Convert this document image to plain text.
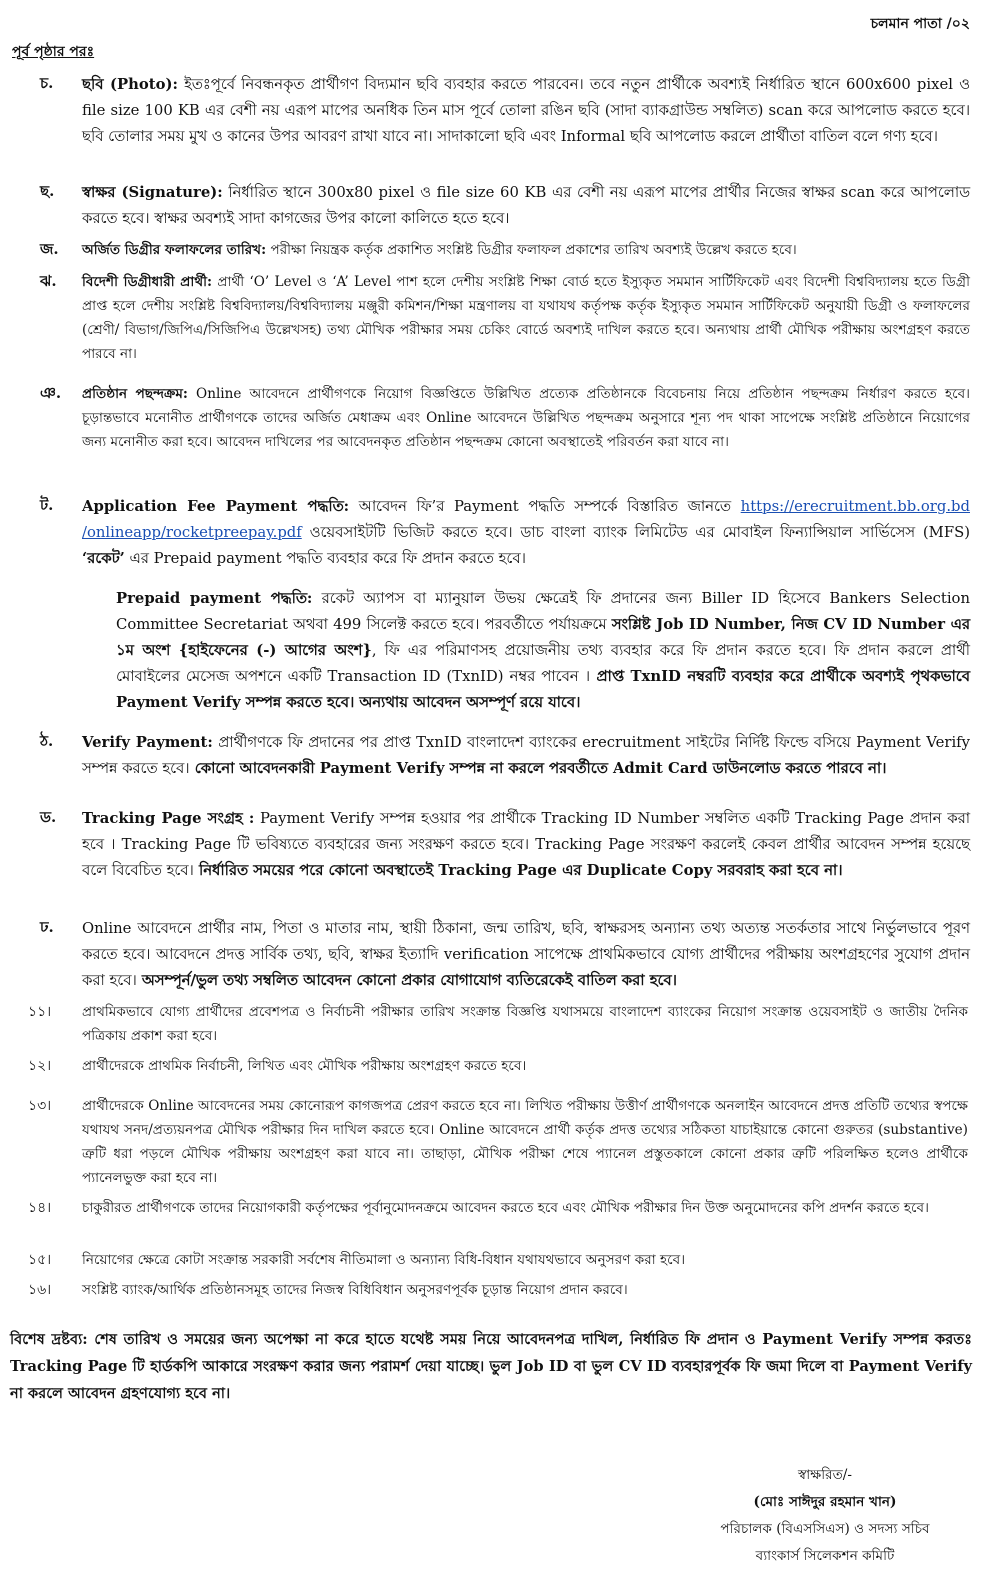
চলমান পাতা /০২
পূর্ব পৃষ্ঠার পরঃ
চ.	ছবি (Photo): ইতঃপূর্বে নিবন্ধনকৃত প্রার্থীগণ বিদ্যমান ছবি ব্যবহার করতে পারবেন। তবে নতুন প্রার্থীকে অবশ্যই নির্ধারিত স্থানে 600x600 pixel ও file size 100 KB এর বেশী নয় এরূপ মাপের অনধিক তিন মাস পূর্বে তোলা রঙিন ছবি (সাদা ব্যাকগ্রাউন্ড সম্বলিত) scan করে আপলোড করতে হবে। ছবি তোলার সময় মুখ ও কানের উপর আবরণ রাখা যাবে না। সাদাকালো ছবি এবং Informal ছবি আপলোড করলে প্রার্থীতা বাতিল বলে গণ্য হবে।
ছ.	স্বাক্ষর (Signature): নির্ধারিত স্থানে 300x80 pixel ও file size 60 KB এর বেশী নয় এরূপ মাপের প্রার্থীর নিজের স্বাক্ষর scan করে আপলোড করতে হবে। স্বাক্ষর অবশ্যই সাদা কাগজের উপর কালো কালিতে হতে হবে।
জ.	অর্জিত ডিগ্রীর ফলাফলের তারিখ: পরীক্ষা নিয়ন্ত্রক কর্তৃক প্রকাশিত সংশ্লিষ্ট ডিগ্রীর ফলাফল প্রকাশের তারিখ অবশ্যই উল্লেখ করতে হবে।
ঝ.	বিদেশী ডিগ্রীধারী প্রার্থী: প্রার্থী ‘O’ Level ও ‘A’ Level পাশ হলে দেশীয় সংশ্লিষ্ট শিক্ষা বোর্ড হতে ইস্যুকৃত সমমান সার্টিফিকেট এবং বিদেশী বিশ্ববিদ্যালয় হতে ডিগ্রী প্রাপ্ত হলে দেশীয় সংশ্লিষ্ট বিশ্ববিদ্যালয়/বিশ্ববিদ্যালয় মঞ্জুরী কমিশন/শিক্ষা মন্ত্রণালয় বা যথাযথ কর্তৃপক্ষ কর্তৃক ইস্যুকৃত সমমান সার্টিফিকেট অনুযায়ী ডিগ্রী ও ফলাফলের (শ্রেণী/ বিভাগ/জিপিএ/সিজিপিএ উল্লেখসহ) তথ্য মৌখিক পরীক্ষার সময় চেকিং বোর্ডে অবশ্যই দাখিল করতে হবে। অন্যথায় প্রার্থী মৌখিক পরীক্ষায় অংশগ্রহণ করতে পারবে না।
ঞ.	প্রতিষ্ঠান পছন্দক্রম: Online আবেদনে প্রার্থীগণকে নিয়োগ বিজ্ঞপ্তিতে উল্লিখিত প্রত্যেক প্রতিষ্ঠানকে বিবেচনায় নিয়ে প্রতিষ্ঠান পছন্দক্রম নির্ধারণ করতে হবে। চূড়ান্তভাবে মনোনীত প্রার্থীগণকে তাদের অর্জিত মেধাক্রম এবং Online আবেদনে উল্লিখিত পছন্দক্রম অনুসারে শূন্য পদ থাকা সাপেক্ষে সংশ্লিষ্ট প্রতিষ্ঠানে নিয়োগের জন্য মনোনীত করা হবে। আবেদন দাখিলের পর আবেদনকৃত প্রতিষ্ঠান পছন্দক্রম কোনো অবস্থাতেই পরিবর্তন করা যাবে না।
ট.	Application Fee Payment পদ্ধতি: আবেদন ফি’র Payment পদ্ধতি সম্পর্কে বিস্তারিত জানতে https://erecruitment.bb.org.bd /onlineapp/rocketpreepay.pdf ওয়েবসাইটটি ভিজিট করতে হবে। ডাচ বাংলা ব্যাংক লিমিটেড এর মোবাইল ফিন্যান্সিয়াল সার্ভিসেস (MFS) ‘রকেট’ এর Prepaid payment পদ্ধতি ব্যবহার করে ফি প্রদান করতে হবে।
Prepaid payment পদ্ধতি: রকেট অ্যাপস বা ম্যানুয়াল উভয় ক্ষেত্রেই ফি প্রদানের জন্য Biller ID হিসেবে Bankers Selection Committee Secretariat অথবা 499 সিলেক্ট করতে হবে। পরবর্তীতে পর্যায়ক্রমে সংশ্লিষ্ট Job ID Number, নিজ CV ID Number এর ১ম অংশ {হাইফেনের (-) আগের অংশ}, ফি এর পরিমাণসহ প্রয়োজনীয় তথ্য ব্যবহার করে ফি প্রদান করতে হবে। ফি প্রদান করলে প্রার্থী মোবাইলের মেসেজ অপশনে একটি Transaction ID (TxnID) নম্বর পাবেন । প্রাপ্ত TxnID নম্বরটি ব্যবহার করে প্রার্থীকে অবশ্যই পৃথকভাবে Payment Verify সম্পন্ন করতে হবে। অন্যথায় আবেদন অসম্পূর্ণ রয়ে যাবে।
ঠ.	Verify Payment: প্রার্থীগণকে ফি প্রদানের পর প্রাপ্ত TxnID বাংলাদেশ ব্যাংকের erecruitment সাইটের নির্দিষ্ট ফিল্ডে বসিয়ে Payment Verify সম্পন্ন করতে হবে। কোনো আবেদনকারী Payment Verify সম্পন্ন না করলে পরবর্তীতে Admit Card ডাউনলোড করতে পারবে না।
ড.	Tracking Page সংগ্রহ : Payment Verify সম্পন্ন হওয়ার পর প্রার্থীকে Tracking ID Number সম্বলিত একটি Tracking Page প্রদান করা হবে । Tracking Page টি ভবিষ্যতে ব্যবহারের জন্য সংরক্ষণ করতে হবে। Tracking Page সংরক্ষণ করলেই কেবল প্রার্থীর আবেদন সম্পন্ন হয়েছে বলে বিবেচিত হবে। নির্ধারিত সময়ের পরে কোনো অবস্থাতেই Tracking Page এর Duplicate Copy সরবরাহ করা হবে না।
ঢ.	Online আবেদনে প্রার্থীর নাম, পিতা ও মাতার নাম, স্থায়ী ঠিকানা, জন্ম তারিখ, ছবি, স্বাক্ষরসহ অন্যান্য তথ্য অত্যন্ত সতর্কতার সাথে নির্ভুলভাবে পূরণ করতে হবে। আবেদনে প্রদত্ত সার্বিক তথ্য, ছবি, স্বাক্ষর ইত্যাদি verification সাপেক্ষে প্রাথমিকভাবে যোগ্য প্রার্থীদের পরীক্ষায় অংশগ্রহণের সুযোগ প্রদান করা হবে। অসম্পূর্ন/ভুল তথ্য সম্বলিত আবেদন কোনো প্রকার যোগাযোগ ব্যতিরেকেই বাতিল করা হবে।
১১।	প্রাথমিকভাবে যোগ্য প্রার্থীদের প্রবেশপত্র ও নির্বাচনী পরীক্ষার তারিখ সংক্রান্ত বিজ্ঞপ্তি যথাসময়ে বাংলাদেশ ব্যাংকের নিয়োগ সংক্রান্ত ওয়েবসাইট ও জাতীয় দৈনিক পত্রিকায় প্রকাশ করা হবে।
১২।	প্রার্থীদেরকে প্রাথমিক নির্বাচনী, লিখিত এবং মৌখিক পরীক্ষায় অংশগ্রহণ করতে হবে।
১৩।	প্রার্থীদেরকে Online আবেদনের সময় কোনোরূপ কাগজপত্র প্রেরণ করতে হবে না। লিখিত পরীক্ষায় উত্তীর্ণ প্রার্থীগণকে অনলাইন আবেদনে প্রদত্ত প্রতিটি তথ্যের স্বপক্ষে যথাযথ সনদ/প্রত্যয়নপত্র মৌখিক পরীক্ষার দিন দাখিল করতে হবে। Online আবেদনে প্রার্থী কর্তৃক প্রদত্ত তথ্যের সঠিকতা যাচাইয়ান্তে কোনো গুরুতর (substantive) ত্রুটি ধরা পড়লে মৌখিক পরীক্ষায় অংশগ্রহণ করা যাবে না। তাছাড়া, মৌখিক পরীক্ষা শেষে প্যানেল প্রস্তুতকালে কোনো প্রকার ত্রুটি পরিলক্ষিত হলেও প্রার্থীকে প্যানেলভুক্ত করা হবে না।
১৪।	চাকুরীরত প্রার্থীগণকে তাদের নিয়োগকারী কর্তৃপক্ষের পূর্বানুমোদনক্রমে আবেদন করতে হবে এবং মৌখিক পরীক্ষার দিন উক্ত অনুমোদনের কপি প্রদর্শন করতে হবে।
১৫।	নিয়োগের ক্ষেত্রে কোটা সংক্রান্ত সরকারী সর্বশেষ নীতিমালা ও অন্যান্য বিধি-বিধান যথাযথভাবে অনুসরণ করা হবে।
১৬।	সংশ্লিষ্ট ব্যাংক/আর্থিক প্রতিষ্ঠানসমূহ তাদের নিজস্ব বিধিবিধান অনুসরণপূর্বক চূড়ান্ত নিয়োগ প্রদান করবে।
বিশেষ দ্রষ্টব্য: শেষ তারিখ ও সময়ের জন্য অপেক্ষা না করে হাতে যথেষ্ট সময় নিয়ে আবেদনপত্র দাখিল, নির্ধারিত ফি প্রদান ও Payment Verify সম্পন্ন করতঃ Tracking Page টি হার্ডকপি আকারে সংরক্ষণ করার জন্য পরামর্শ দেয়া যাচ্ছে। ভুল Job ID বা ভুল CV ID ব্যবহারপূর্বক ফি জমা দিলে বা Payment Verify না করলে আবেদন গ্রহণযোগ্য হবে না।
স্বাক্ষরিত/-
(মোঃ সাঈদুর রহমান খান)
পরিচালক (বিএসসিএস) ও সদস্য সচিব
ব্যাংকার্স সিলেকশন কমিটি
